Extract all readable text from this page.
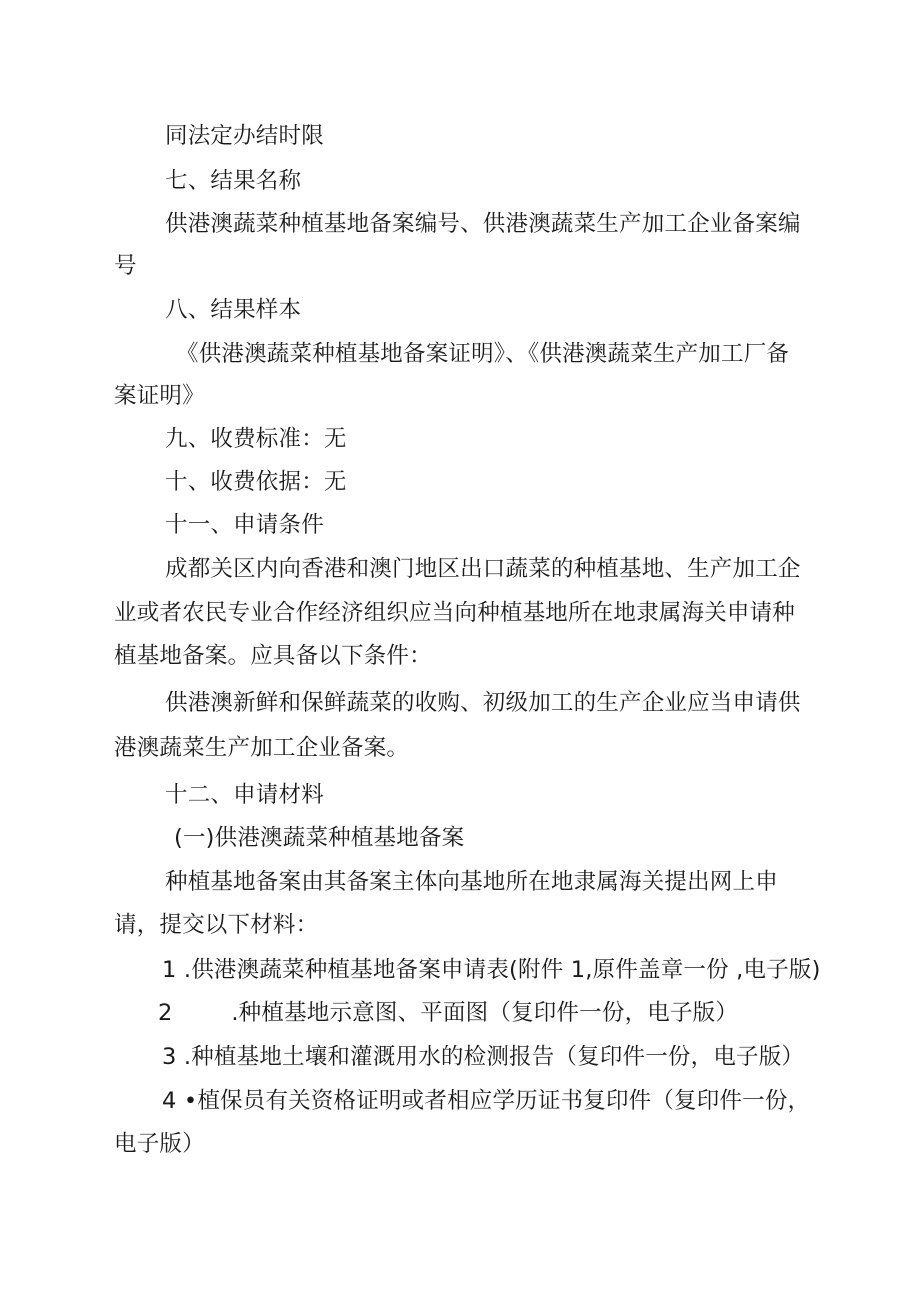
同法定办结时限
七、结果名称
供港澳蔬菜种植基地备案编号、供港澳蔬菜生产加工企业备案编
号
八、结果样本
《供港澳蔬菜种植基地备案证明》、《供港澳蔬菜生产加工厂备
案证明》
九、收费标准：无
十、收费依据：无
十一、申请条件
成都关区内向香港和澳门地区出口蔬菜的种植基地、生产加工企
业或者农民专业合作经济组织应当向种植基地所在地隶属海关申请种
植基地备案。应具备以下条件：
供港澳新鲜和保鲜蔬菜的收购、初级加工的生产企业应当申请供
港澳蔬菜生产加工企业备案。
十二、申请材料
(一)供港澳蔬菜种植基地备案
种植基地备案由其备案主体向基地所在地隶属海关提出网上申
请，提交以下材料：
1 .供港澳蔬菜种植基地备案申请表(附件 1,原件盖章一份 ,电子版)
2        .种植基地示意图、平面图（复印件一份，电子版）
3 .种植基地土壤和灌溉用水的检测报告（复印件一份，电子版）
4 •植保员有关资格证明或者相应学历证书复印件（复印件一份，
电子版）
